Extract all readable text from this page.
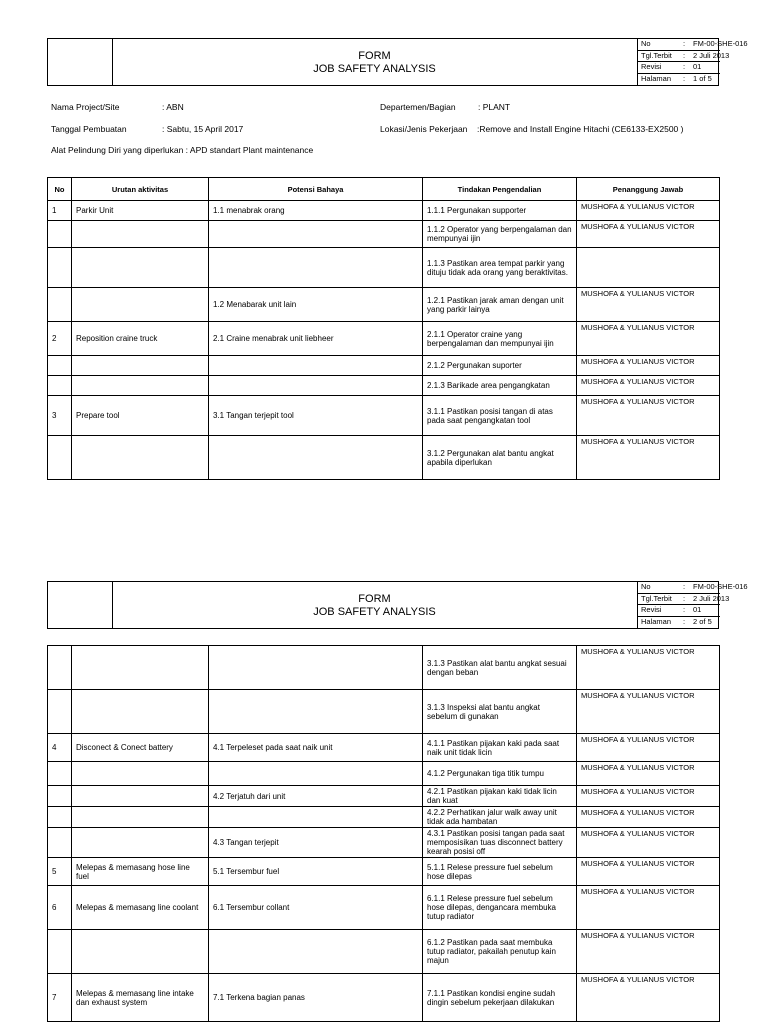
FORM
JOB SAFETY ANALYSIS
No	: FM-00-SHE-016
Tgl.Terbit : 2 Juli 2013
Revisi	: 01
Halaman : 1 of 5
Nama Project/Site	: ABN	Departemen/Bagian	: PLANT
Tanggal Pembuatan	: Sabtu, 15 April 2017	Lokasi/Jenis Pekerjaan :Remove and Install Engine Hitachi (CE6133-EX2500 )
Alat Pelindung Diri yang diperlukan : APD standart Plant maintenance
No	Urutan aktivitas	Potensi Bahaya	Tindakan Pengendalian	Penanggung Jawab
1	Parkir Unit	1.1 menabrak orang	1.1.1 Pergunakan supporter	MUSHOFA & YULIANUS VICTOR
			1.1.2 Operator yang berpengalaman dan mempunyai ijin	MUSHOFA & YULIANUS VICTOR
			1.1.3 Pastikan area tempat parkir yang dituju tidak ada orang yang beraktivitas.	
		1.2 Menabarak unit lain	1.2.1 Pastikan jarak aman dengan unit yang parkir lainya	MUSHOFA & YULIANUS VICTOR
2	Reposition craine truck	2.1 Craine menabrak unit liebheer	2.1.1 Operator craine yang berpengalaman dan mempunyai ijin	MUSHOFA & YULIANUS VICTOR
			2.1.2 Pergunakan suporter	MUSHOFA & YULIANUS VICTOR
			2.1.3 Barikade area pengangkatan	MUSHOFA & YULIANUS VICTOR
3	Prepare tool	3.1 Tangan terjepit tool	3.1.1 Pastikan posisi tangan di atas pada saat pengangkatan tool	MUSHOFA & YULIANUS VICTOR
			3.1.2 Pergunakan alat bantu angkat apabila diperlukan	MUSHOFA & YULIANUS VICTOR
FORM
JOB SAFETY ANALYSIS
No	: FM-00-SHE-016
Tgl.Terbit : 2 Juli 2013
Revisi	: 01
Halaman : 2 of 5
			3.1.3 Pastikan alat bantu angkat sesuai dengan beban	MUSHOFA & YULIANUS VICTOR
			3.1.3 Inspeksi alat bantu angkat sebelum di gunakan	MUSHOFA & YULIANUS VICTOR
4	Disconect & Conect battery	4.1 Terpeleset pada saat naik unit	4.1.1 Pastikan pijakan kaki pada saat naik unit tidak licin	MUSHOFA & YULIANUS VICTOR
			4.1.2 Pergunakan tiga titik tumpu	MUSHOFA & YULIANUS VICTOR
		4.2 Terjatuh dari unit	4.2.1 Pastikan pijakan kaki tidak licin dan kuat	MUSHOFA & YULIANUS VICTOR
			4.2.2 Perhatikan jalur walk away unit tidak ada hambatan	MUSHOFA & YULIANUS VICTOR
		4.3 Tangan terjepit	4.3.1 Pastikan posisi tangan pada saat memposisikan tuas disconnect battery kearah posisi off	MUSHOFA & YULIANUS VICTOR
5	Melepas & memasang hose line fuel	5.1 Tersembur fuel	5.1.1 Relese pressure fuel sebelum hose dilepas	MUSHOFA & YULIANUS VICTOR
6	Melepas & memasang line coolant	6.1 Tersembur collant	6.1.1 Relese pressure fuel sebelum hose dilepas, dengancara membuka tutup radiator	MUSHOFA & YULIANUS VICTOR
			6.1.2 Pastikan pada saat membuka tutup radiator, pakailah penutup kain majun	MUSHOFA & YULIANUS VICTOR
7	Melepas & memasang line intake dan exhaust system	7.1 Terkena bagian panas	7.1.1 Pastikan kondisi engine sudah dingin sebelum pekerjaan dilakukan	MUSHOFA & YULIANUS VICTOR
